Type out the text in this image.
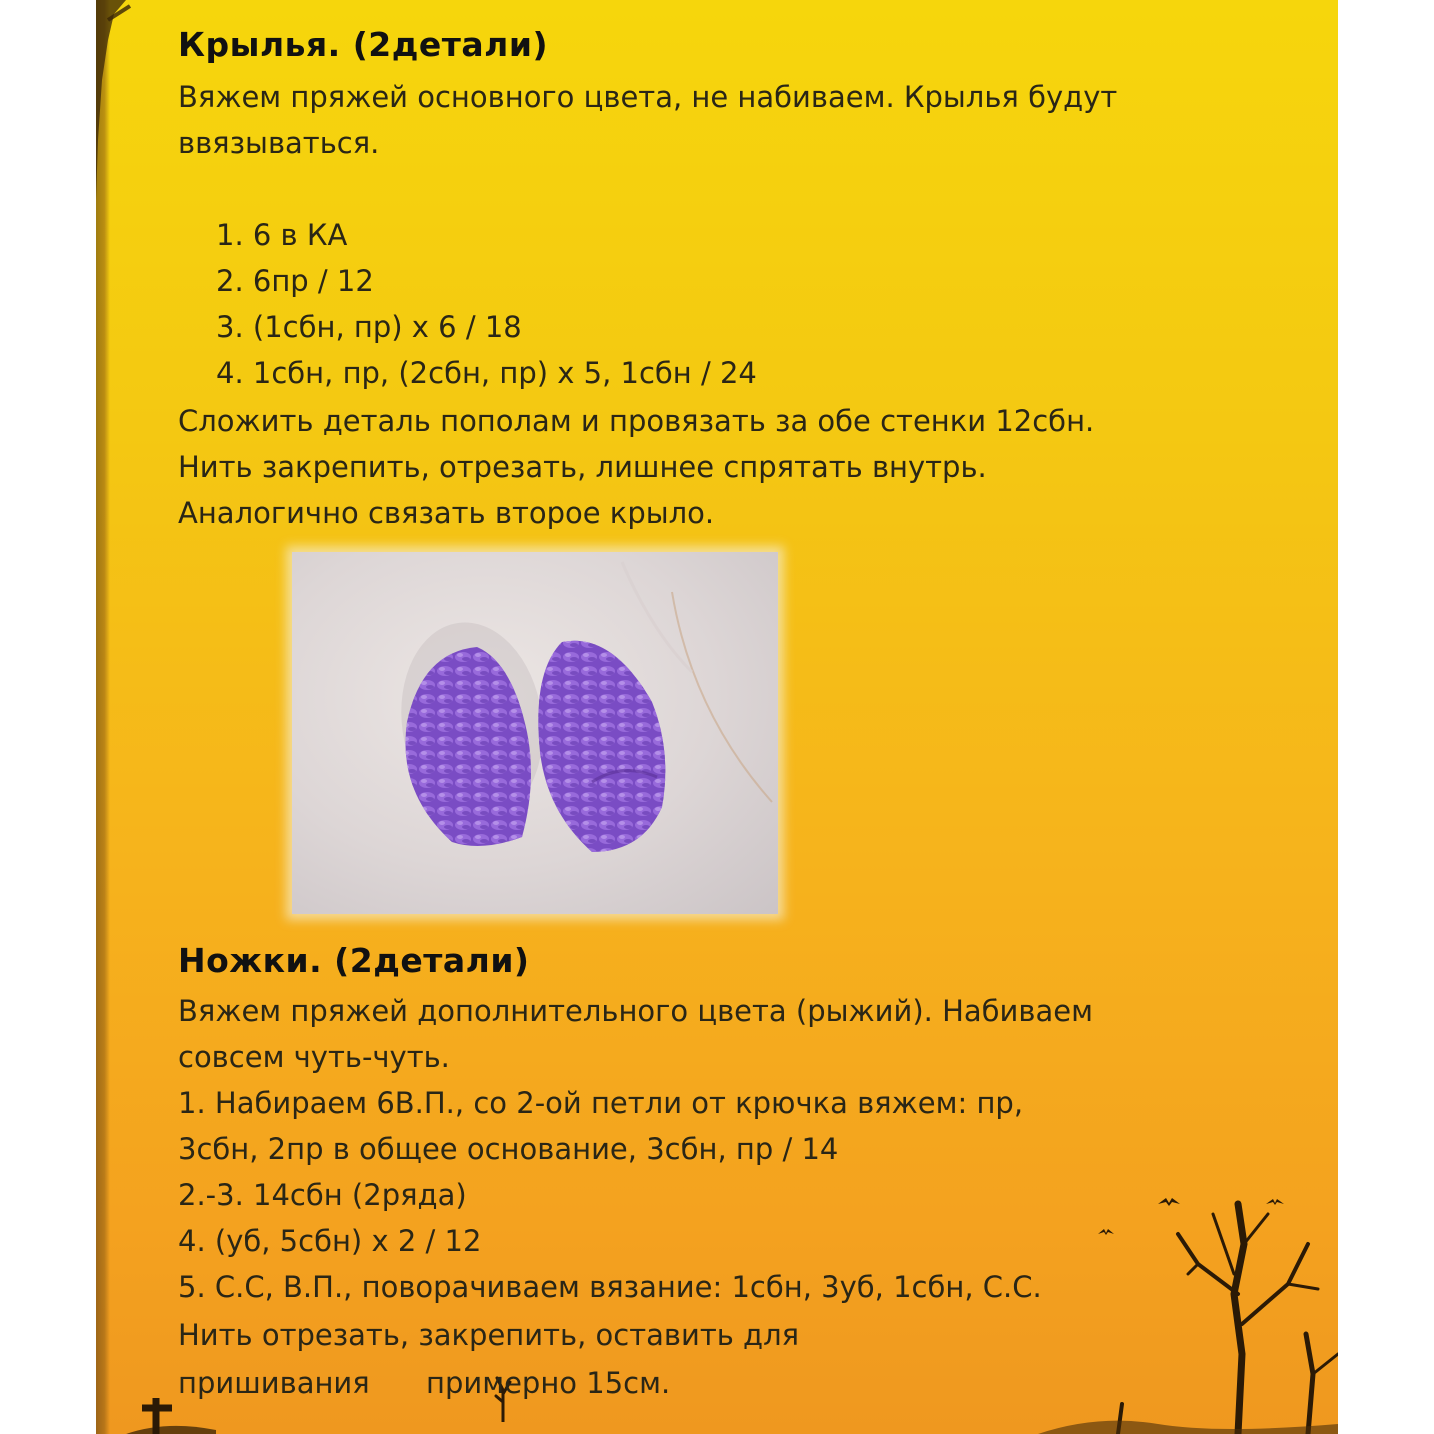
Крылья. (2детали)
Вяжем пряжей основного цвета, не набиваем. Крылья будут
ввязываться.
1. 6 в КА
2. 6пр / 12
3. (1сбн, пр) х 6 / 18
4. 1сбн, пр, (2сбн, пр) х 5, 1сбн / 24
Сложить деталь пополам и провязать за обе стенки 12сбн.
Нить закрепить, отрезать, лишнее спрятать внутрь.
Аналогично связать второе крыло.
Ножки. (2детали)
Вяжем пряжей дополнительного цвета (рыжий). Набиваем
совсем чуть-чуть.
1. Набираем 6В.П., со 2-ой петли от крючка вяжем: пр,
3сбн, 2пр в общее основание, 3сбн, пр / 14
2.-3. 14сбн (2ряда)
4. (уб, 5сбн) х 2 / 12
5. С.С, В.П., поворачиваем вязание: 1сбн, 3уб, 1сбн, С.С.
Нить отрезать, закрепить, оставить для
пришивания примерно 15см.
